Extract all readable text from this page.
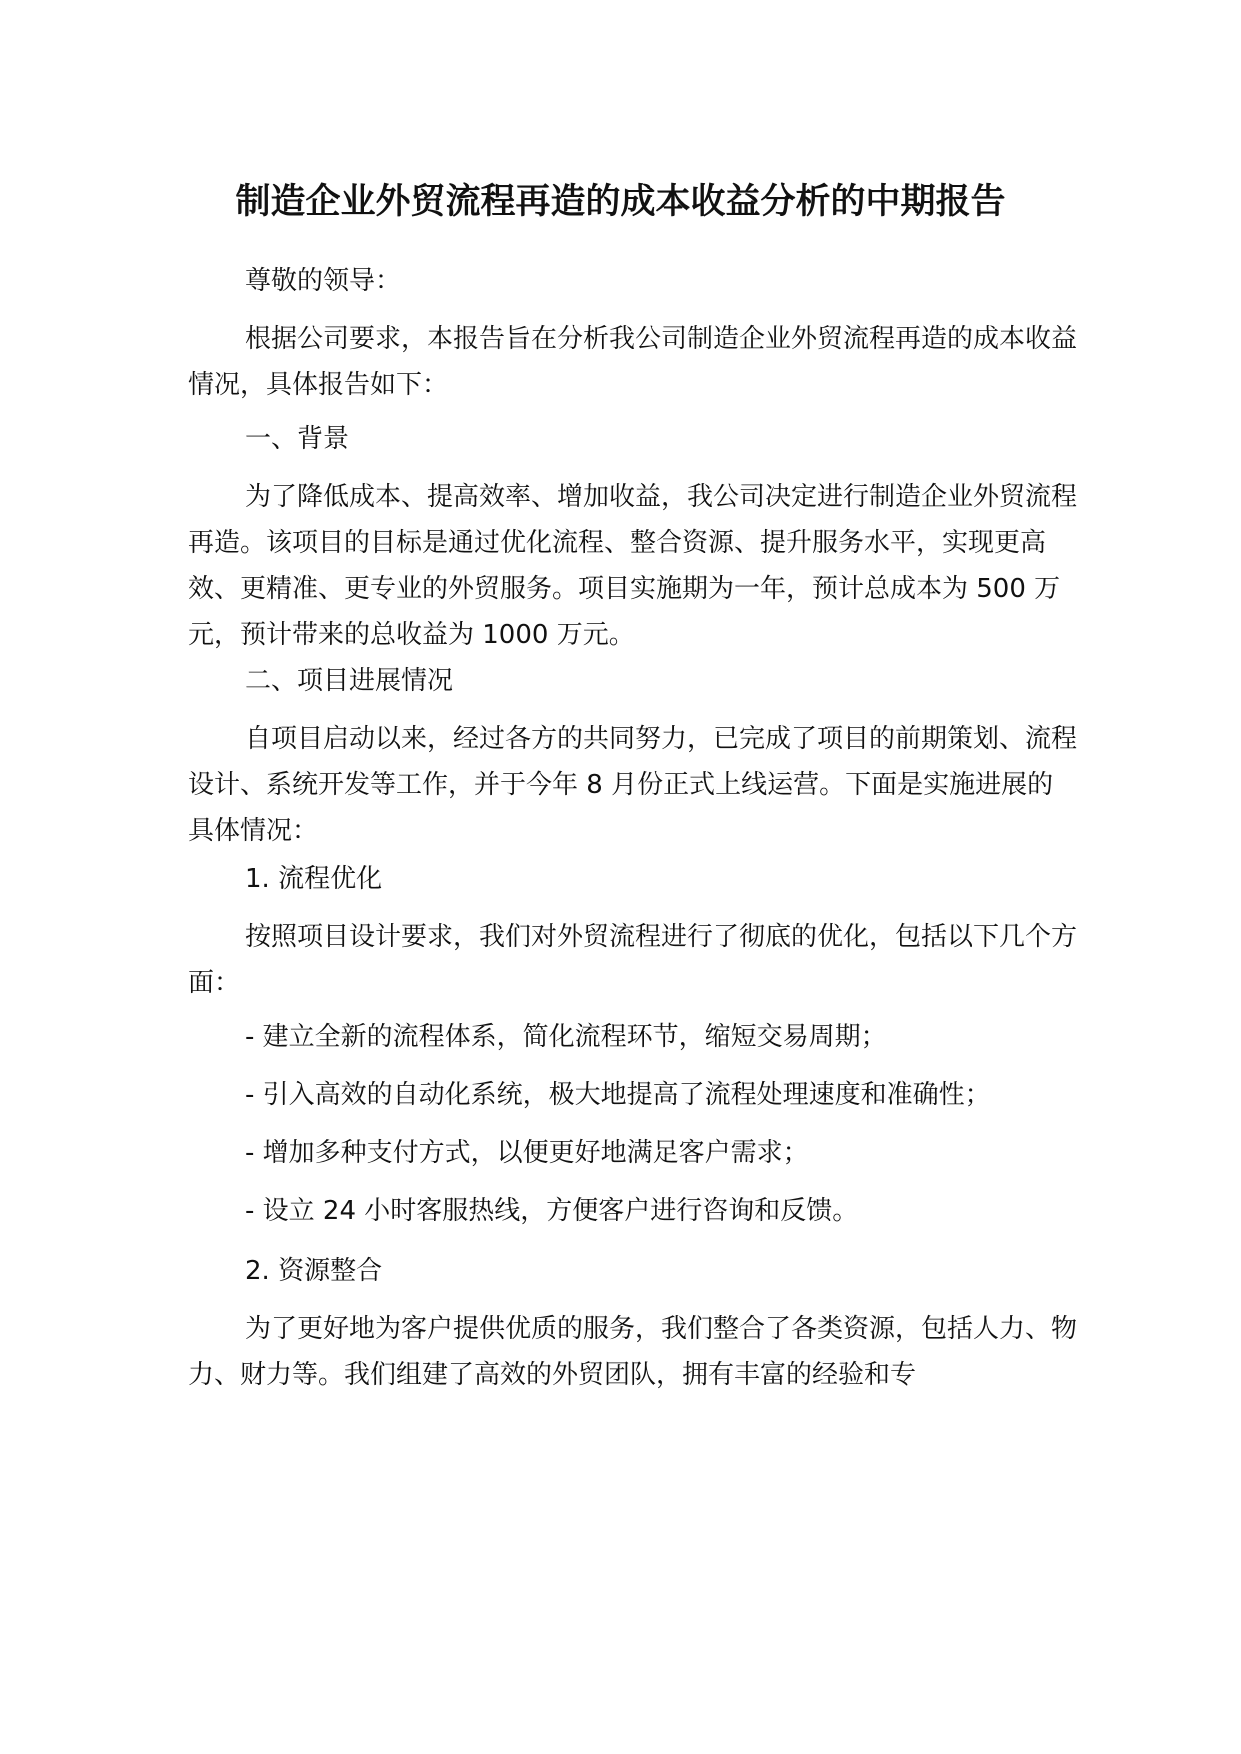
制造企业外贸流程再造的成本收益分析的中期报告

尊敬的领导：

根据公司要求，本报告旨在分析我公司制造企业外贸流程再造的成本收益情况，具体报告如下：

一、背景

为了降低成本、提高效率、增加收益，我公司决定进行制造企业外贸流程再造。该项目的目标是通过优化流程、整合资源、提升服务水平，实现更高效、更精准、更专业的外贸服务。项目实施期为一年，预计总成本为 500 万元，预计带来的总收益为 1000 万元。

二、项目进展情况

自项目启动以来，经过各方的共同努力，已完成了项目的前期策划、流程设计、系统开发等工作，并于今年 8 月份正式上线运营。下面是实施进展的具体情况：

1. 流程优化

按照项目设计要求，我们对外贸流程进行了彻底的优化，包括以下几个方面：

- 建立全新的流程体系，简化流程环节，缩短交易周期；

- 引入高效的自动化系统，极大地提高了流程处理速度和准确性；

- 增加多种支付方式，以便更好地满足客户需求；

- 设立 24 小时客服热线，方便客户进行咨询和反馈。

2. 资源整合

为了更好地为客户提供优质的服务，我们整合了各类资源，包括人力、物力、财力等。我们组建了高效的外贸团队，拥有丰富的经验和专
